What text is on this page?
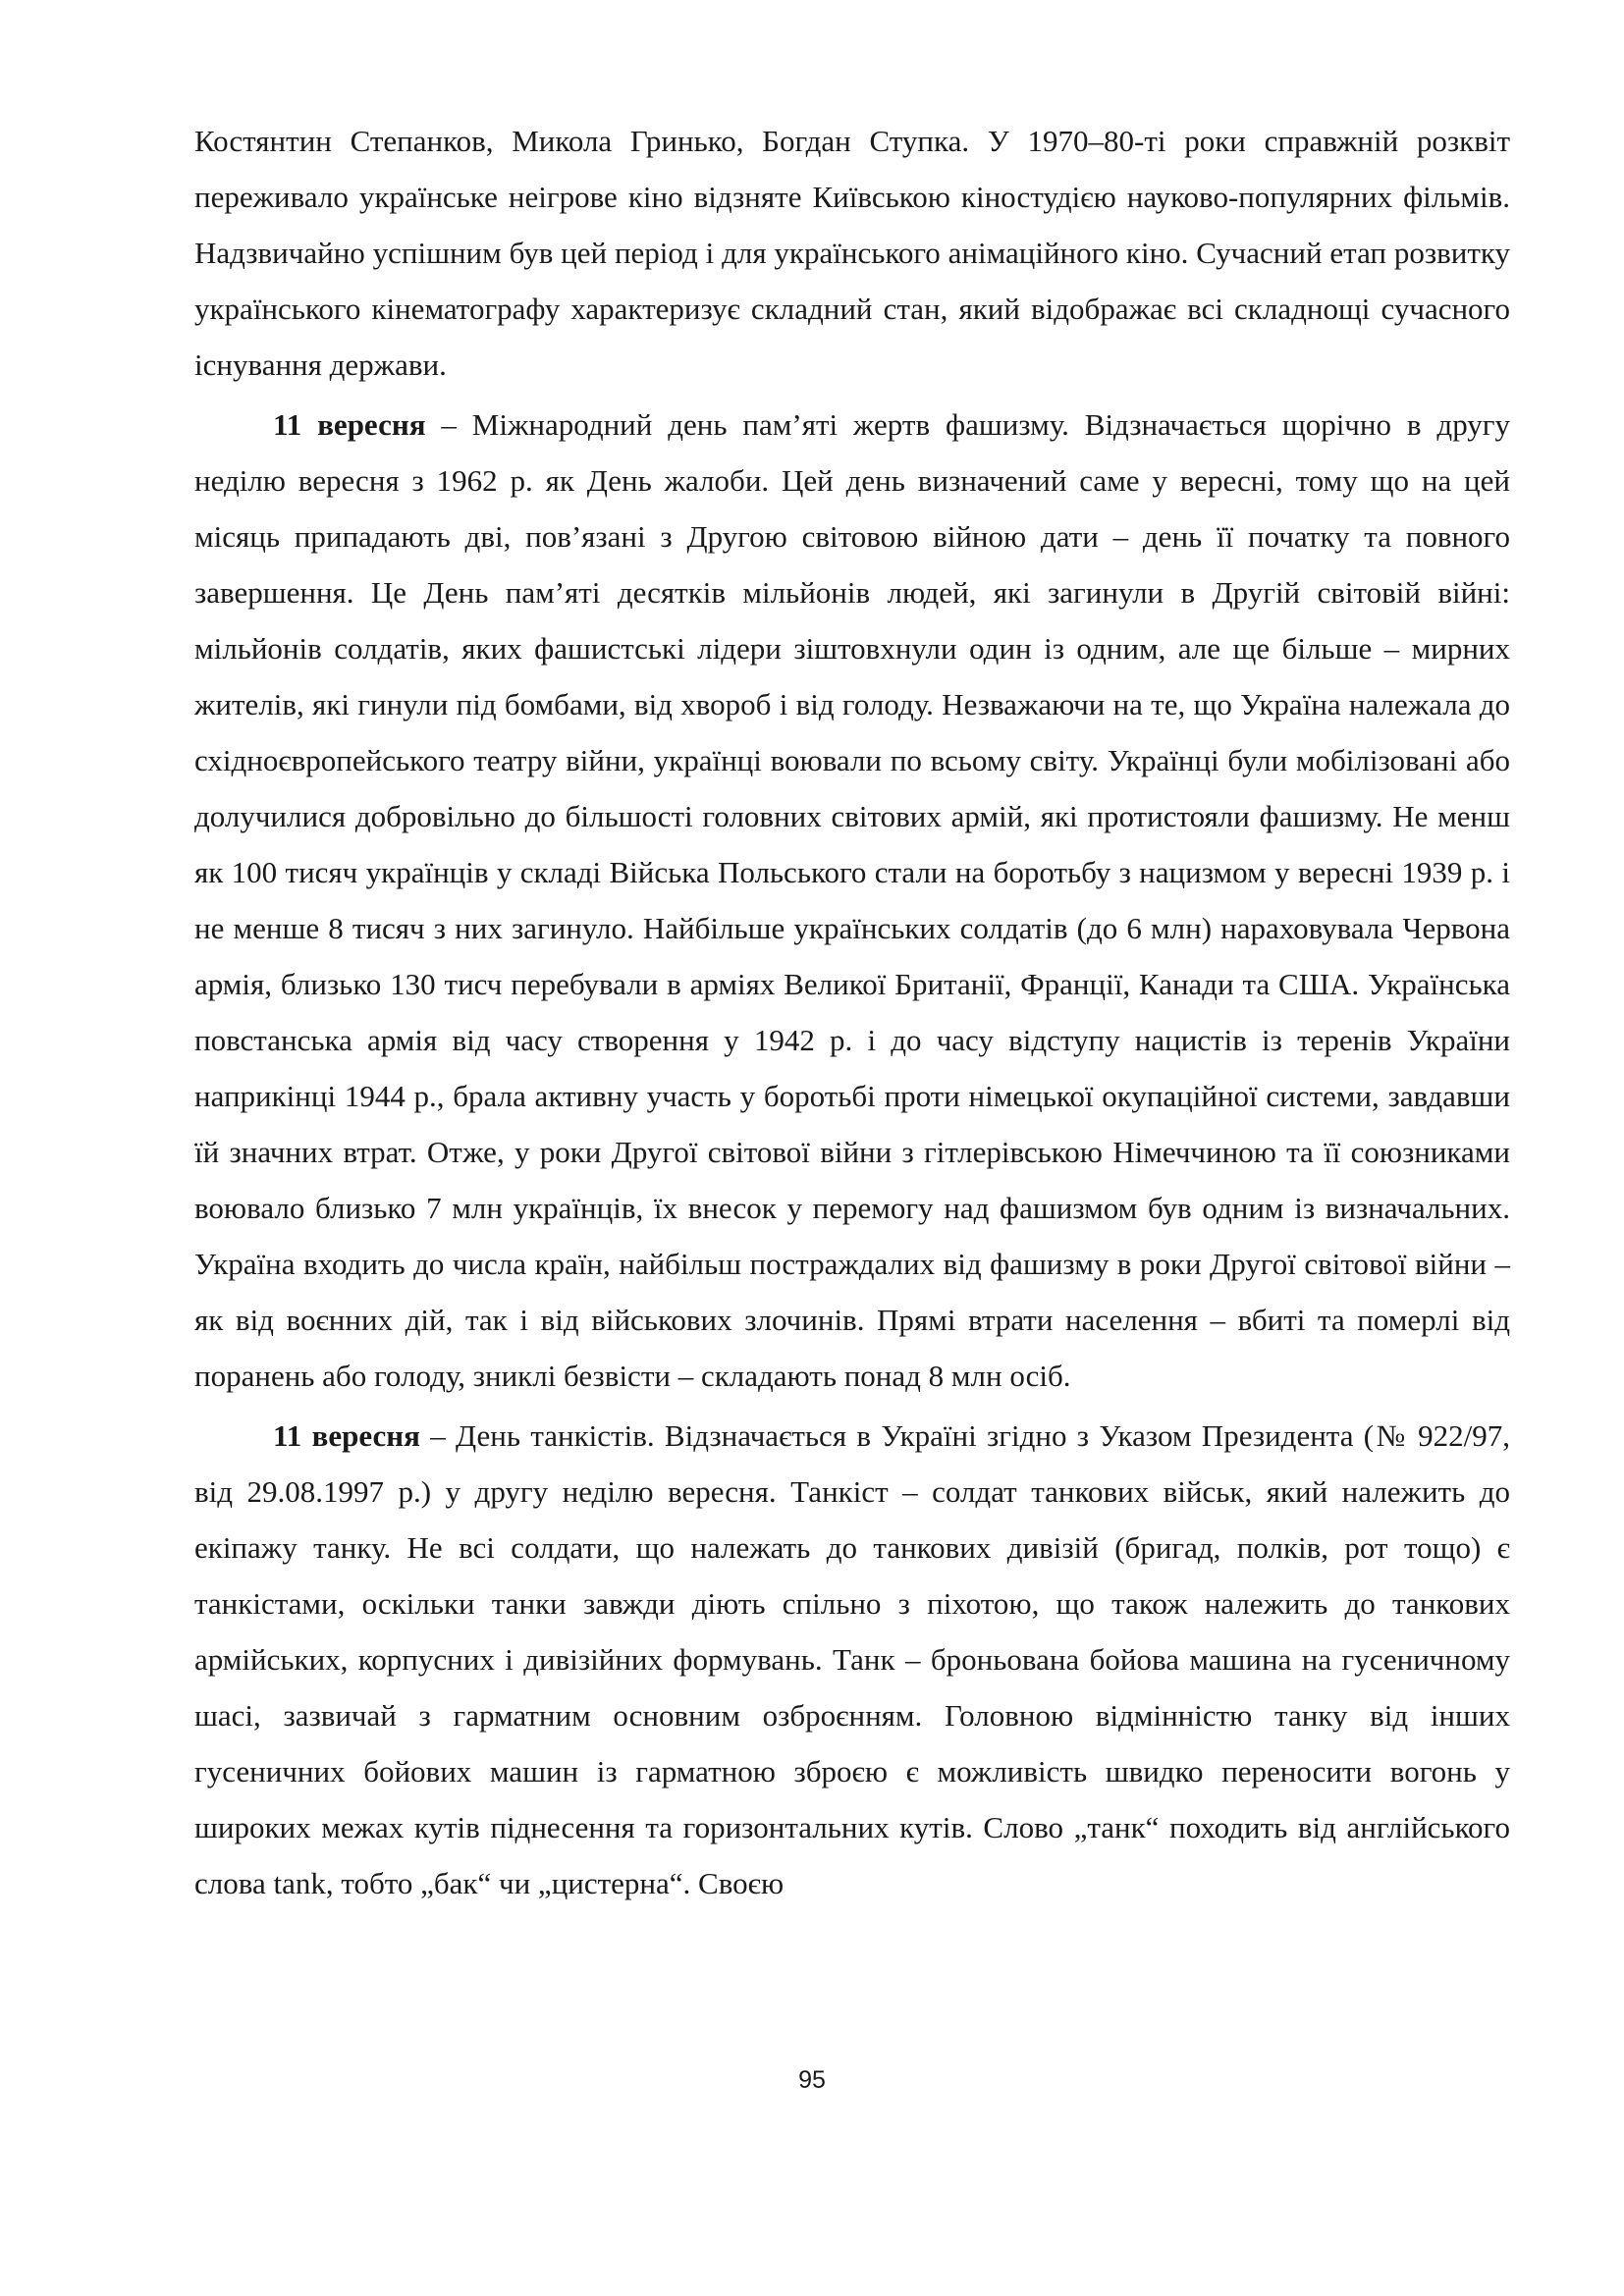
Костянтин Степанков, Микола Гринько, Богдан Ступка. У 1970–80-ті роки справжній розквіт переживало українське неігрове кіно відзняте Київською кіностудією науково-популярних фільмів. Надзвичайно успішним був цей період і для українського анімаційного кіно. Сучасний етап розвитку українського кінематографу характеризує складний стан, який відображає всі складнощі сучасного існування держави.

11 вересня – Міжнародний день пам’яті жертв фашизму. Відзначається щорічно в другу неділю вересня з 1962 р. як День жалоби. Цей день визначений саме у вересні, тому що на цей місяць припадають дві, пов’язані з Другою світовою війною дати – день її початку та повного завершення. Це День пам’яті десятків мільйонів людей, які загинули в Другій світовій війні: мільйонів солдатів, яких фашистські лідери зіштовхнули один із одним, але ще більше – мирних жителів, які гинули під бомбами, від хвороб і від голоду. Незважаючи на те, що Україна належала до східноєвропейського театру війни, українці воювали по всьому світу. Українці були мобілізовані або долучилися добровільно до більшості головних світових армій, які протистояли фашизму. Не менш як 100 тисяч українців у складі Війська Польського стали на боротьбу з нацизмом у вересні 1939 р. і не менше 8 тисяч з них загинуло. Найбільше українських солдатів (до 6 млн) нараховувала Червона армія, близько 130 тисч перебували в арміях Великої Британії, Франції, Канади та США. Українська повстанська армія від часу створення у 1942 р. і до часу відступу нацистів із теренів України наприкінці 1944 р., брала активну участь у боротьбі проти німецької окупаційної системи, завдавши їй значних втрат. Отже, у роки Другої світової війни з гітлерівською Німеччиною та її союзниками воювало близько 7 млн українців, їх внесок у перемогу над фашизмом був одним із визначальних. Україна входить до числа країн, найбільш постраждалих від фашизму в роки Другої світової війни – як від воєнних дій, так і від військових злочинів. Прямі втрати населення – вбиті та померлі від поранень або голоду, зниклі безвісти – складають понад 8 млн осіб.

11 вересня – День танкістів. Відзначається в Україні згідно з Указом Президента (№ 922/97, від 29.08.1997 р.) у другу неділю вересня. Танкіст – солдат танкових військ, який належить до екіпажу танку. Не всі солдати, що належать до танкових дивізій (бригад, полків, рот тощо) є танкістами, оскільки танки завжди діють спільно з піхотою, що також належить до танкових армійських, корпусних і дивізійних формувань. Танк – броньована бойова машина на гусеничному шасі, зазвичай з гарматним основним озброєнням. Головною відмінністю танку від інших гусеничних бойових машин із гарматною зброєю є можливість швидко переносити вогонь у широких межах кутів піднесення та горизонтальних кутів. Слово „танк“ походить від англійського слова tank, тобто „бак“ чи „цистерна“. Своєю

95
